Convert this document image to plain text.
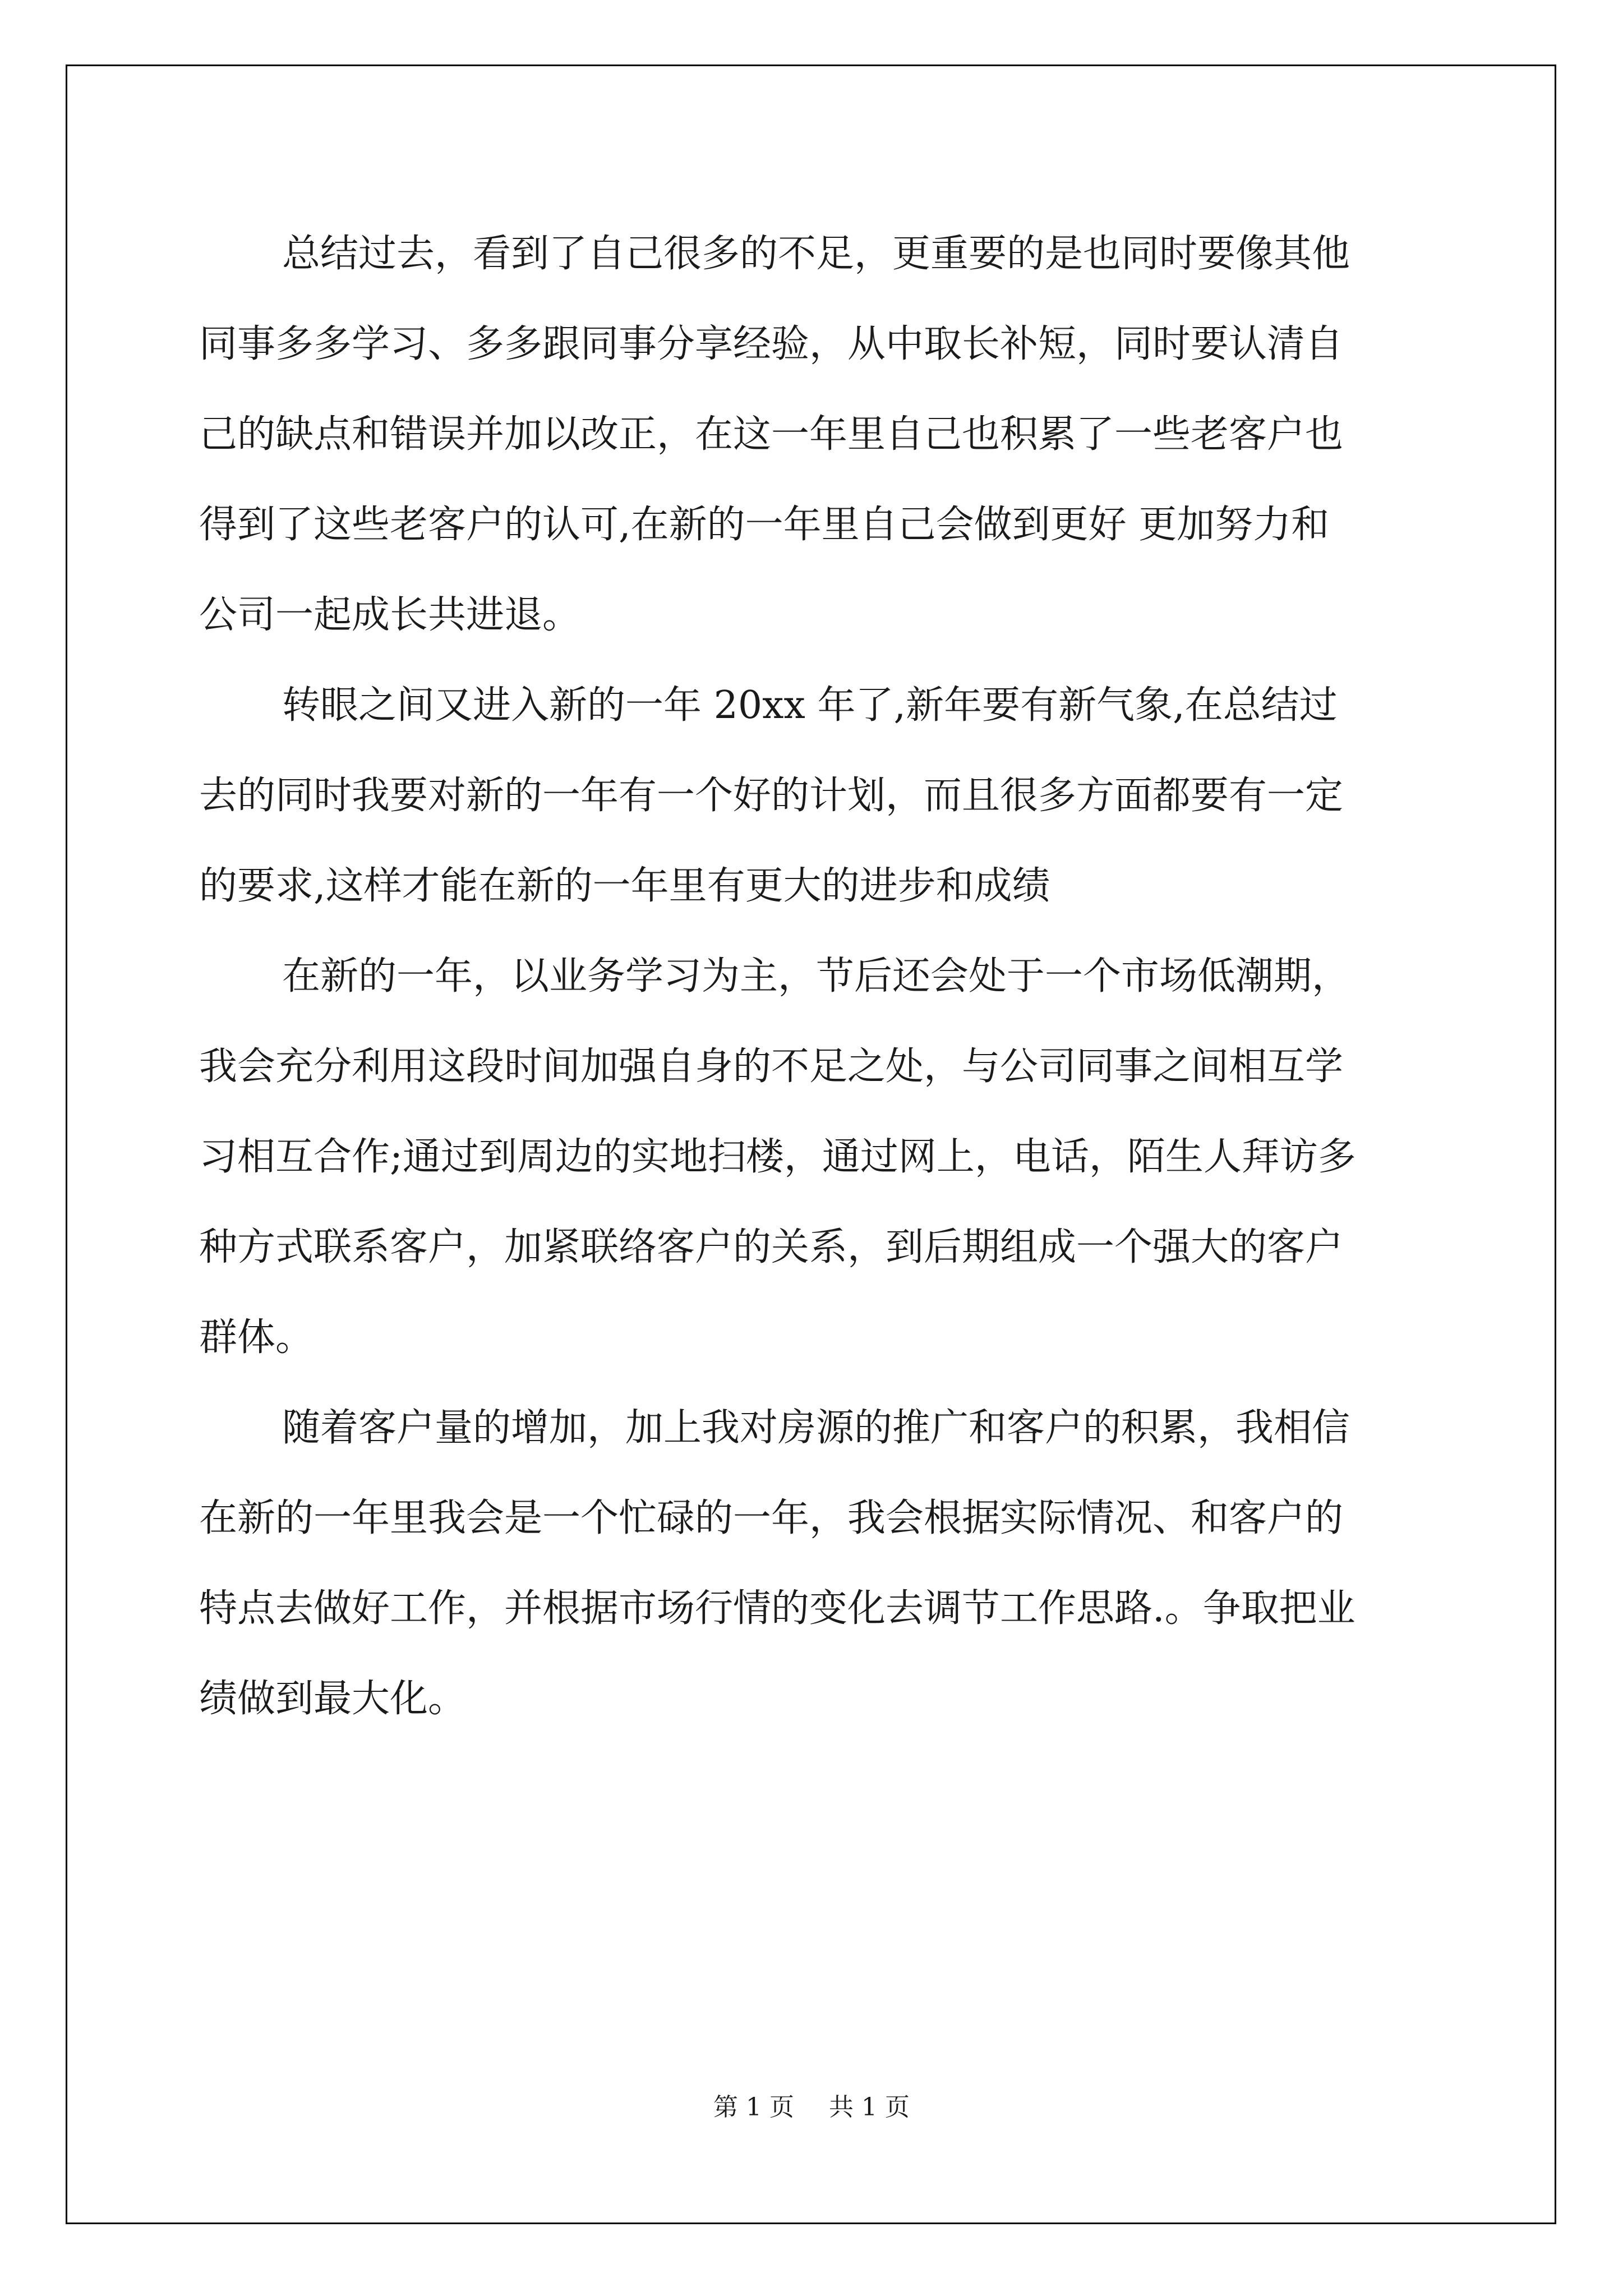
总结过去，看到了自己很多的不足，更重要的是也同时要像其他

同事多多学习、多多跟同事分享经验，从中取长补短，同时要认清自

己的缺点和错误并加以改正，在这一年里自己也积累了一些老客户也

得到了这些老客户的认可,在新的一年里自己会做到更好 更加努力和

公司一起成长共进退。

转眼之间又进入新的一年 20xx 年了,新年要有新气象,在总结过

去的同时我要对新的一年有一个好的计划，而且很多方面都要有一定

的要求,这样才能在新的一年里有更大的进步和成绩

在新的一年，以业务学习为主，节后还会处于一个市场低潮期，

我会充分利用这段时间加强自身的不足之处，与公司同事之间相互学

习相互合作;通过到周边的实地扫楼，通过网上，电话，陌生人拜访多

种方式联系客户，加紧联络客户的关系，到后期组成一个强大的客户

群体。

随着客户量的增加，加上我对房源的推广和客户的积累，我相信

在新的一年里我会是一个忙碌的一年，我会根据实际情况、和客户的

特点去做好工作，并根据市场行情的变化去调节工作思路.。争取把业

绩做到最大化。

第 1 页 共 1 页
